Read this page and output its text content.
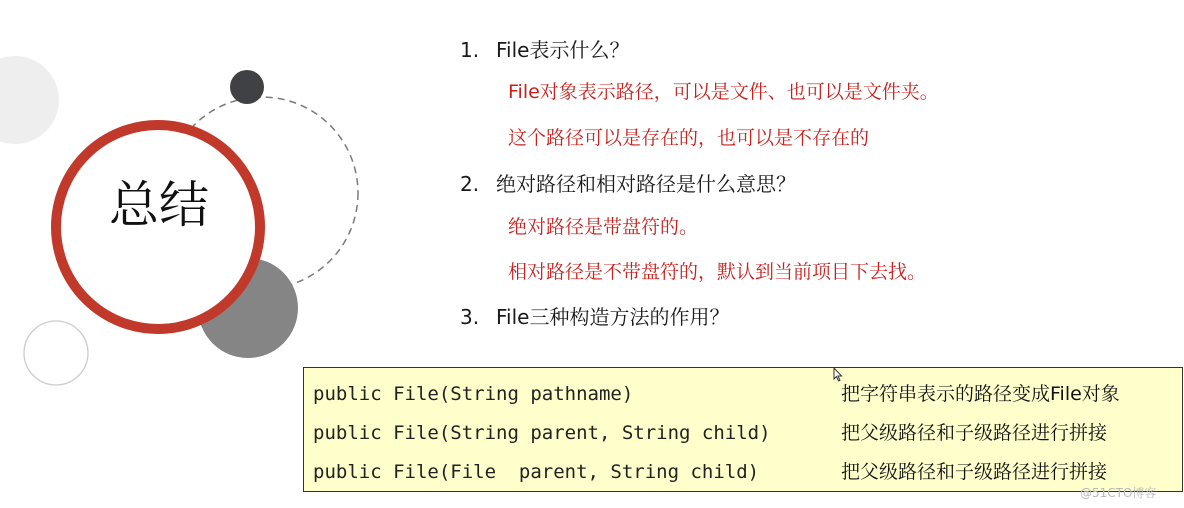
总结
1. File表示什么？
File对象表示路径，可以是文件、也可以是文件夹。
这个路径可以是存在的，也可以是不存在的
2. 绝对路径和相对路径是什么意思？
绝对路径是带盘符的。
相对路径是不带盘符的，默认到当前项目下去找。
3. File三种构造方法的作用？
public File(String pathname)	把字符串表示的路径变成File对象
public File(String parent, String child)	把父级路径和子级路径进行拼接
public File(File  parent, String child)	把父级路径和子级路径进行拼接
@51CTO博客
